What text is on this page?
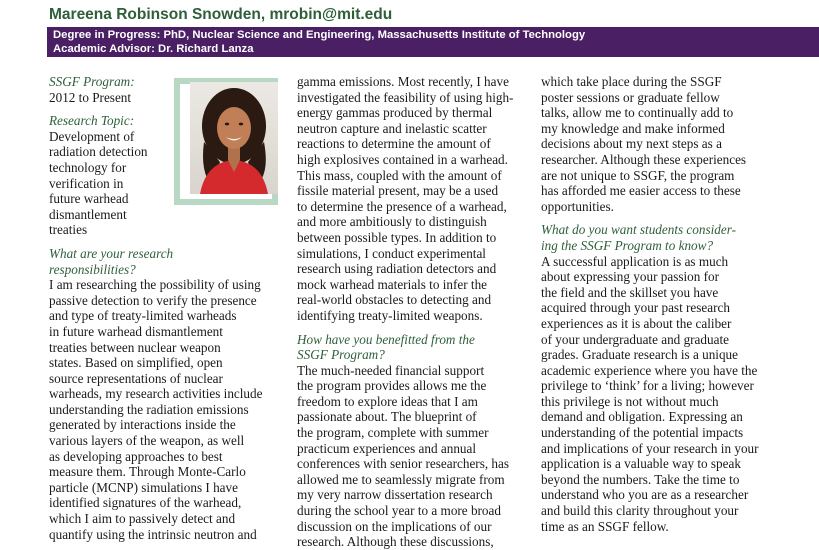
Mareena Robinson Snowden, mrobin@mit.edu
Degree in Progress: PhD, Nuclear Science and Engineering, Massachusetts Institute of Technology
Academic Advisor: Dr. Richard Lanza

SSGF Program:

2012 to Present

Research Topic:

Development of
radiation detection
technology for
verification in
future warhead
dismantlement
treaties

What are your research
responsibilities?

I am researching the possibility of using
passive detection to verify the presence
and type of treaty-limited warheads
in future warhead dismantlement
treaties between nuclear weapon
states. Based on simplified, open
source representations of nuclear
warheads, my research activities include
understanding the radiation emissions
generated by interactions inside the
various layers of the weapon, as well
as developing approaches to best
measure them. Through Monte-Carlo
particle (MCNP) simulations I have
identified signatures of the warhead,
which I aim to passively detect and
quantify using the intrinsic neutron and

gamma emissions. Most recently, I have
investigated the feasibility of using high-
energy gammas produced by thermal
neutron capture and inelastic scatter
reactions to determine the amount of
high explosives contained in a warhead.
This mass, coupled with the amount of
fissile material present, may be a used
to determine the presence of a warhead,
and more ambitiously to distinguish
between possible types. In addition to
simulations, I conduct experimental
research using radiation detectors and
mock warhead materials to infer the
real-world obstacles to detecting and
identifying treaty-limited weapons.

How have you benefitted from the
SSGF Program?

The much-needed financial support
the program provides allows me the
freedom to explore ideas that I am
passionate about. The blueprint of
the program, complete with summer
practicum experiences and annual
conferences with senior researchers, has
allowed me to seamlessly migrate from
my very narrow dissertation research
during the school year to a more broad
discussion on the implications of our
research. Although these discussions,

which take place during the SSGF
poster sessions or graduate fellow
talks, allow me to continually add to
my knowledge and make informed
decisions about my next steps as a
researcher. Although these experiences
are not unique to SSGF, the program
has afforded me easier access to these
opportunities.

What do you want students consider-
ing the SSGF Program to know?

A successful application is as much
about expressing your passion for
the field and the skillset you have
acquired through your past research
experiences as it is about the caliber
of your undergraduate and graduate
grades. Graduate research is a unique
academic experience where you have the
privilege to ‘think’ for a living; however
this privilege is not without much
demand and obligation. Expressing an
understanding of the potential impacts
and implications of your research in your
application is a valuable way to speak
beyond the numbers. Take the time to
understand who you are as a researcher
and build this clarity throughout your
time as an SSGF fellow.
